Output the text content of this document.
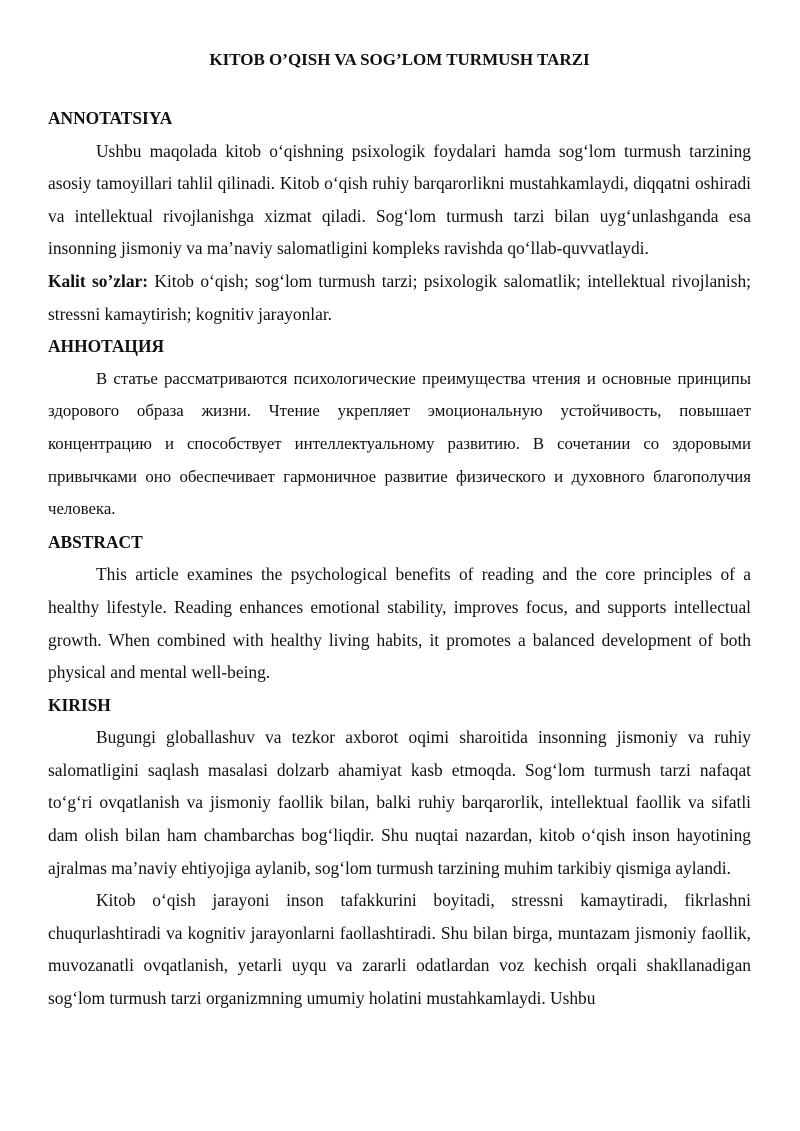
KITOB O’QISH VA SOG’LOM TURMUSH TARZI
ANNOTATSIYA

Ushbu maqolada kitob o‘qishning psixologik foydalari hamda sog‘lom turmush tarzining asosiy tamoyillari tahlil qilinadi. Kitob o‘qish ruhiy barqarorlikni mustahkamlaydi, diqqatni oshiradi va intellektual rivojlanishga xizmat qiladi. Sog‘lom turmush tarzi bilan uyg‘unlashganda esa insonning jismoniy va ma’naviy salomatligini kompleks ravishda qo‘llab-quvvatlaydi.

Kalit so’zlar: Kitob o‘qish; sog‘lom turmush tarzi; psixologik salomatlik; intellektual rivojlanish; stressni kamaytirish; kognitiv jarayonlar.

АННОТАЦИЯ

В статье рассматриваются психологические преимущества чтения и основные принципы здорового образа жизни. Чтение укрепляет эмоциональную устойчивость, повышает концентрацию и способствует интеллектуальному развитию. В сочетании со здоровыми привычками оно обеспечивает гармоничное развитие физического и духовного благополучия человека.

ABSTRACT

This article examines the psychological benefits of reading and the core principles of a healthy lifestyle. Reading enhances emotional stability, improves focus, and supports intellectual growth. When combined with healthy living habits, it promotes a balanced development of both physical and mental well-being.

KIRISH

Bugungi globallashuv va tezkor axborot oqimi sharoitida insonning jismoniy va ruhiy salomatligini saqlash masalasi dolzarb ahamiyat kasb etmoqda. Sog‘lom turmush tarzi nafaqat to‘g‘ri ovqatlanish va jismoniy faollik bilan, balki ruhiy barqarorlik, intellektual faollik va sifatli dam olish bilan ham chambarchas bog‘liqdir. Shu nuqtai nazardan, kitob o‘qish inson hayotining ajralmas ma’naviy ehtiyojiga aylanib, sog‘lom turmush tarzining muhim tarkibiy qismiga aylandi.

Kitob o‘qish jarayoni inson tafakkurini boyitadi, stressni kamaytiradi, fikrlashni chuqurlashtiradi va kognitiv jarayonlarni faollashtiradi. Shu bilan birga, muntazam jismoniy faollik, muvozanatli ovqatlanish, yetarli uyqu va zararli odatlardan voz kechish orqali shakllanadigan sog‘lom turmush tarzi organizmning umumiy holatini mustahkamlaydi. Ushbu
